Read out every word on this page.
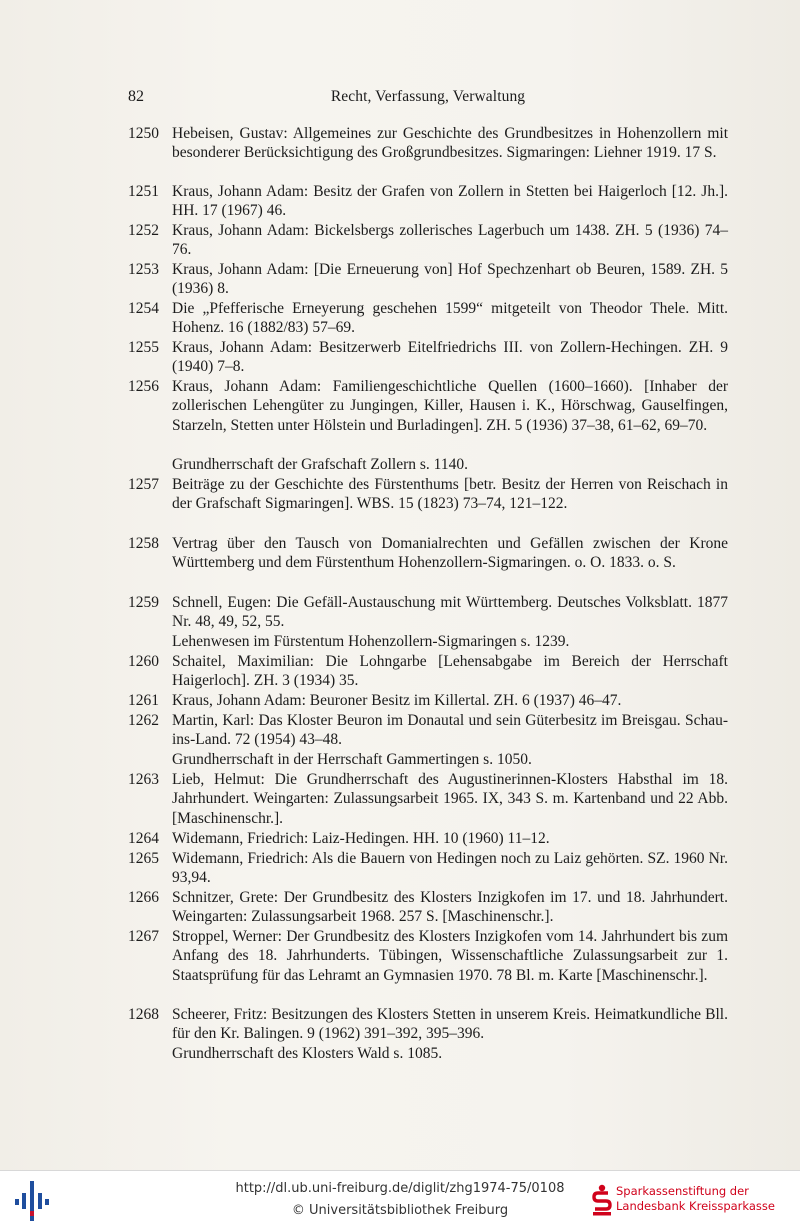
82	Recht, Verfassung, Verwaltung
1250 Hebeisen, Gustav: Allgemeines zur Geschichte des Grundbesitzes in Hohenzollern mit besonderer Berücksichtigung des Großgrundbesitzes. Sigmaringen: Liehner 1919. 17 S.
1251 Kraus, Johann Adam: Besitz der Grafen von Zollern in Stetten bei Haigerloch [12. Jh.]. HH. 17 (1967) 46.
1252 Kraus, Johann Adam: Bickelsbergs zollerisches Lagerbuch um 1438. ZH. 5 (1936) 74–76.
1253 Kraus, Johann Adam: [Die Erneuerung von] Hof Spechzenhart ob Beuren, 1589. ZH. 5 (1936) 8.
1254 Die „Pfefferische Erneyerung geschehen 1599“ mitgeteilt von Theodor Thele. Mitt. Hohenz. 16 (1882/83) 57–69.
1255 Kraus, Johann Adam: Besitzerwerb Eitelfriedrichs III. von Zollern-Hechingen. ZH. 9 (1940) 7–8.
1256 Kraus, Johann Adam: Familiengeschichtliche Quellen (1600–1660). [Inhaber der zollerischen Lehengüter zu Jungingen, Killer, Hausen i. K., Hörschwag, Gauselfingen, Starzeln, Stetten unter Hölstein und Burladingen]. ZH. 5 (1936) 37–38, 61–62, 69–70.
Grundherrschaft der Grafschaft Zollern s. 1140.
1257 Beiträge zu der Geschichte des Fürstenthums [betr. Besitz der Herren von Reischach in der Grafschaft Sigmaringen]. WBS. 15 (1823) 73–74, 121–122.
1258 Vertrag über den Tausch von Domanialrechten und Gefällen zwischen der Krone Württemberg und dem Fürstenthum Hohenzollern-Sigmaringen. o. O. 1833. o. S.
1259 Schnell, Eugen: Die Gefäll-Austauschung mit Württemberg. Deutsches Volksblatt. 1877 Nr. 48, 49, 52, 55.
Lehenwesen im Fürstentum Hohenzollern-Sigmaringen s. 1239.
1260 Schaitel, Maximilian: Die Lohngarbe [Lehensabgabe im Bereich der Herrschaft Haigerloch]. ZH. 3 (1934) 35.
1261 Kraus, Johann Adam: Beuroner Besitz im Killertal. ZH. 6 (1937) 46–47.
1262 Martin, Karl: Das Kloster Beuron im Donautal und sein Güterbesitz im Breisgau. Schau-ins-Land. 72 (1954) 43–48.
Grundherrschaft in der Herrschaft Gammertingen s. 1050.
1263 Lieb, Helmut: Die Grundherrschaft des Augustinerinnen-Klosters Habsthal im 18. Jahrhundert. Weingarten: Zulassungsarbeit 1965. IX, 343 S. m. Kartenband und 22 Abb. [Maschinenschr.].
1264 Widemann, Friedrich: Laiz-Hedingen. HH. 10 (1960) 11–12.
1265 Widemann, Friedrich: Als die Bauern von Hedingen noch zu Laiz gehörten. SZ. 1960 Nr. 93,94.
1266 Schnitzer, Grete: Der Grundbesitz des Klosters Inzigkofen im 17. und 18. Jahrhundert. Weingarten: Zulassungsarbeit 1968. 257 S. [Maschinenschr.].
1267 Stroppel, Werner: Der Grundbesitz des Klosters Inzigkofen vom 14. Jahrhundert bis zum Anfang des 18. Jahrhunderts. Tübingen, Wissenschaftliche Zulassungsarbeit zur 1. Staatsprüfung für das Lehramt an Gymnasien 1970. 78 Bl. m. Karte [Maschinenschr.].
1268 Scheerer, Fritz: Besitzungen des Klosters Stetten in unserem Kreis. Heimatkundliche Bll. für den Kr. Balingen. 9 (1962) 391–392, 395–396.
Grundherrschaft des Klosters Wald s. 1085.
http://dl.ub.uni-freiburg.de/diglit/zhg1974-75/0108
© Universitätsbibliothek Freiburg
Sparkassenstiftung der
Landesbank Kreissparkasse
